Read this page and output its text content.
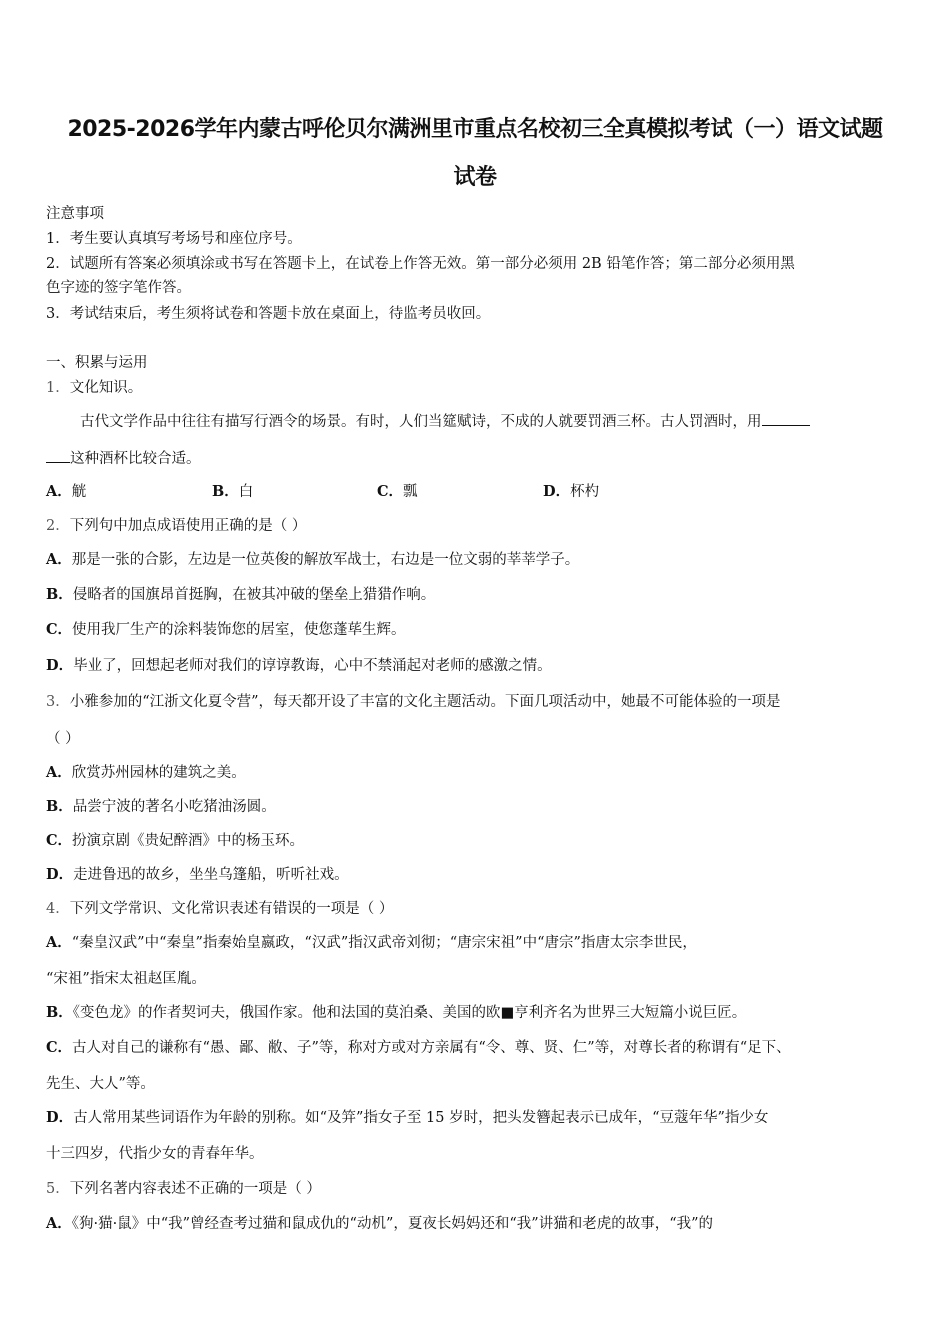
2025-2026学年内蒙古呼伦贝尔满洲里市重点名校初三全真模拟考试（一）语文试题
试卷
注意事项
1．考生要认真填写考场号和座位序号。
2．试题所有答案必须填涂或书写在答题卡上，在试卷上作答无效。第一部分必须用 2B 铅笔作答；第二部分必须用黑
色字迹的签字笔作答。
3．考试结束后，考生须将试卷和答题卡放在桌面上，待监考员收回。
一、积累与运用
1．文化知识。
古代文学作品中往往有描写行酒令的场景。有时，人们当筵赋诗，不成的人就要罚酒三杯。古人罚酒时，用
这种酒杯比较合适。
A．觥	B．白	C．瓢	D．杯杓
2．下列句中加点成语使用正确的是（ ）
A．那是一张的合影，左边是一位英俊的解放军战士，右边是一位文弱的莘莘学子。
B．侵略者的国旗昂首挺胸，在被其冲破的堡垒上猎猎作响。
C．使用我厂生产的涂料装饰您的居室，使您蓬荜生辉。
D．毕业了，回想起老师对我们的谆谆教诲，心中不禁涌起对老师的感激之情。
3．小雅参加的“江浙文化夏令营”，每天都开设了丰富的文化主题活动。下面几项活动中，她最不可能体验的一项是
（ ）
A．欣赏苏州园林的建筑之美。
B．品尝宁波的著名小吃猪油汤圆。
C．扮演京剧《贵妃醉酒》中的杨玉环。
D．走进鲁迅的故乡，坐坐乌篷船，听听社戏。
4．下列文学常识、文化常识表述有错误的一项是（ ）
A．“秦皇汉武”中“秦皇”指秦始皇嬴政，“汉武”指汉武帝刘彻；“唐宗宋祖”中“唐宗”指唐太宗李世民，
“宋祖”指宋太祖赵匡胤。
B．《变色龙》的作者契诃夫，俄国作家。他和法国的莫泊桑、美国的欧■亨利齐名为世界三大短篇小说巨匠。
C．古人对自己的谦称有“愚、鄙、敝、子”等，称对方或对方亲属有“令、尊、贤、仁”等，对尊长者的称谓有“足下、
先生、大人”等。
D．古人常用某些词语作为年龄的别称。如“及笄”指女子至 15 岁时，把头发簪起表示已成年，“豆蔻年华”指少女
十三四岁，代指少女的青春年华。
5．下列名著内容表述不正确的一项是（ ）
A．《狗·猫·鼠》中“我”曾经查考过猫和鼠成仇的“动机”，夏夜长妈妈还和“我”讲猫和老虎的故事，“我”的
